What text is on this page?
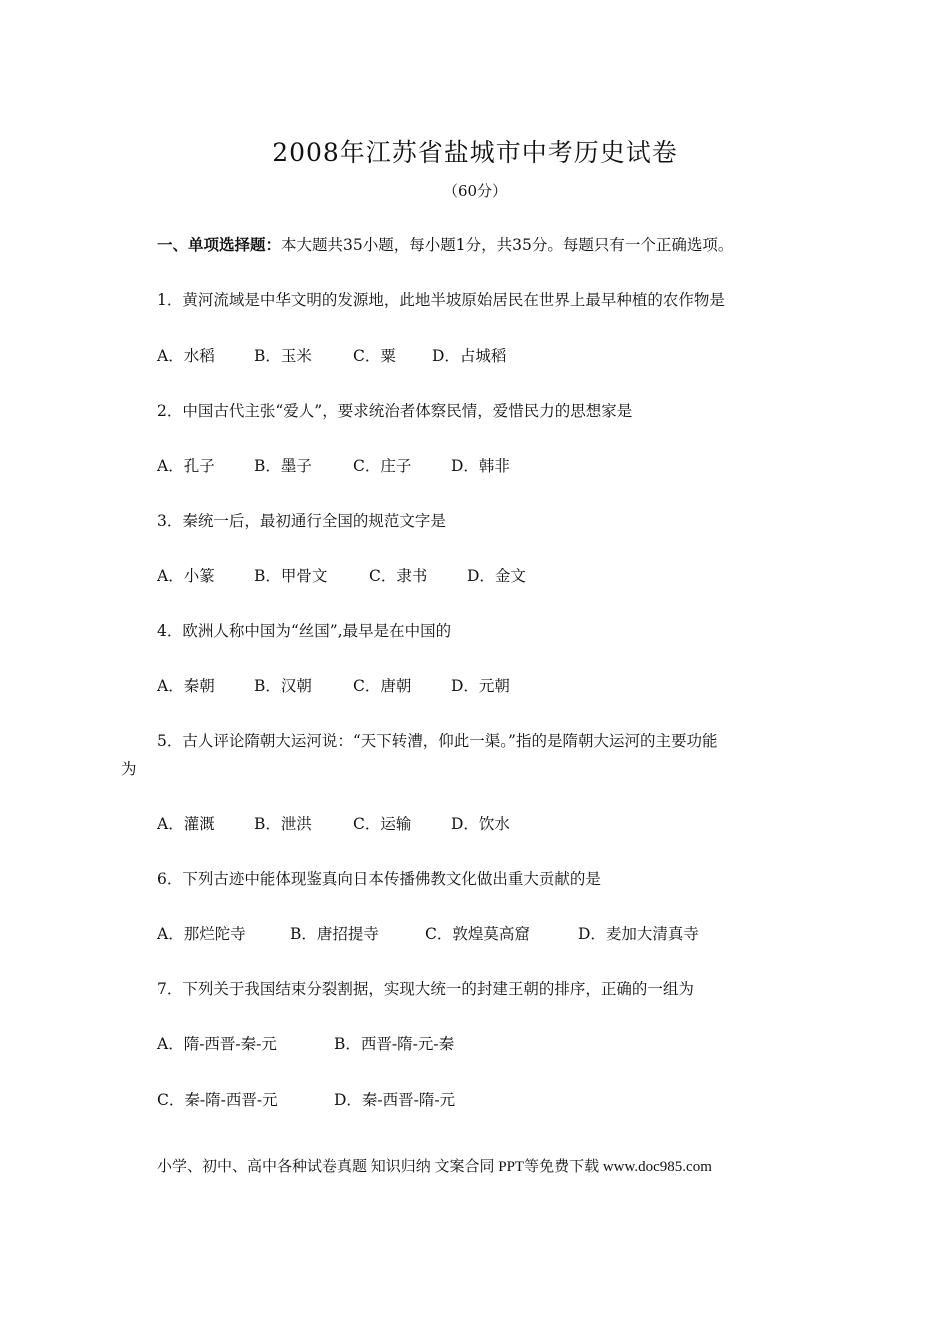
2008年江苏省盐城市中考历史试卷
（60分）
一、单项选择题：本大题共35小题，每小题1分，共35分。每题只有一个正确选项。
1．黄河流域是中华文明的发源地，此地半坡原始居民在世界上最早种植的农作物是
A．水稻	B．玉米	C．粟 D．占城稻
2．中国古代主张“爱人”，要求统治者体察民情，爱惜民力的思想家是
A．孔子	B．墨子	C．庄子	D．韩非
3．秦统一后，最初通行全国的规范文字是
A．小篆	B．甲骨文	C．隶书	D．金文
4．欧洲人称中国为“丝国”,最早是在中国的
A．秦朝	B．汉朝	C．唐朝	D．元朝
5．古人评论隋朝大运河说：“天下转漕，仰此一渠。”指的是隋朝大运河的主要功能
为
A．灌溉	B．泄洪	C．运输	D．饮水
6．下列古迹中能体现鉴真向日本传播佛教文化做出重大贡献的是
A．那烂陀寺	B．唐招提寺	C．敦煌莫高窟	D．麦加大清真寺
7．下列关于我国结束分裂割据，实现大统一的封建王朝的排序，正确的一组为
A．隋-西晋-秦-元	B．西晋-隋-元-秦
C．秦-隋-西晋-元	D．秦-西晋-隋-元
小学、初中、高中各种试卷真题 知识归纳 文案合同 PPT等免费下载 www.doc985.com
